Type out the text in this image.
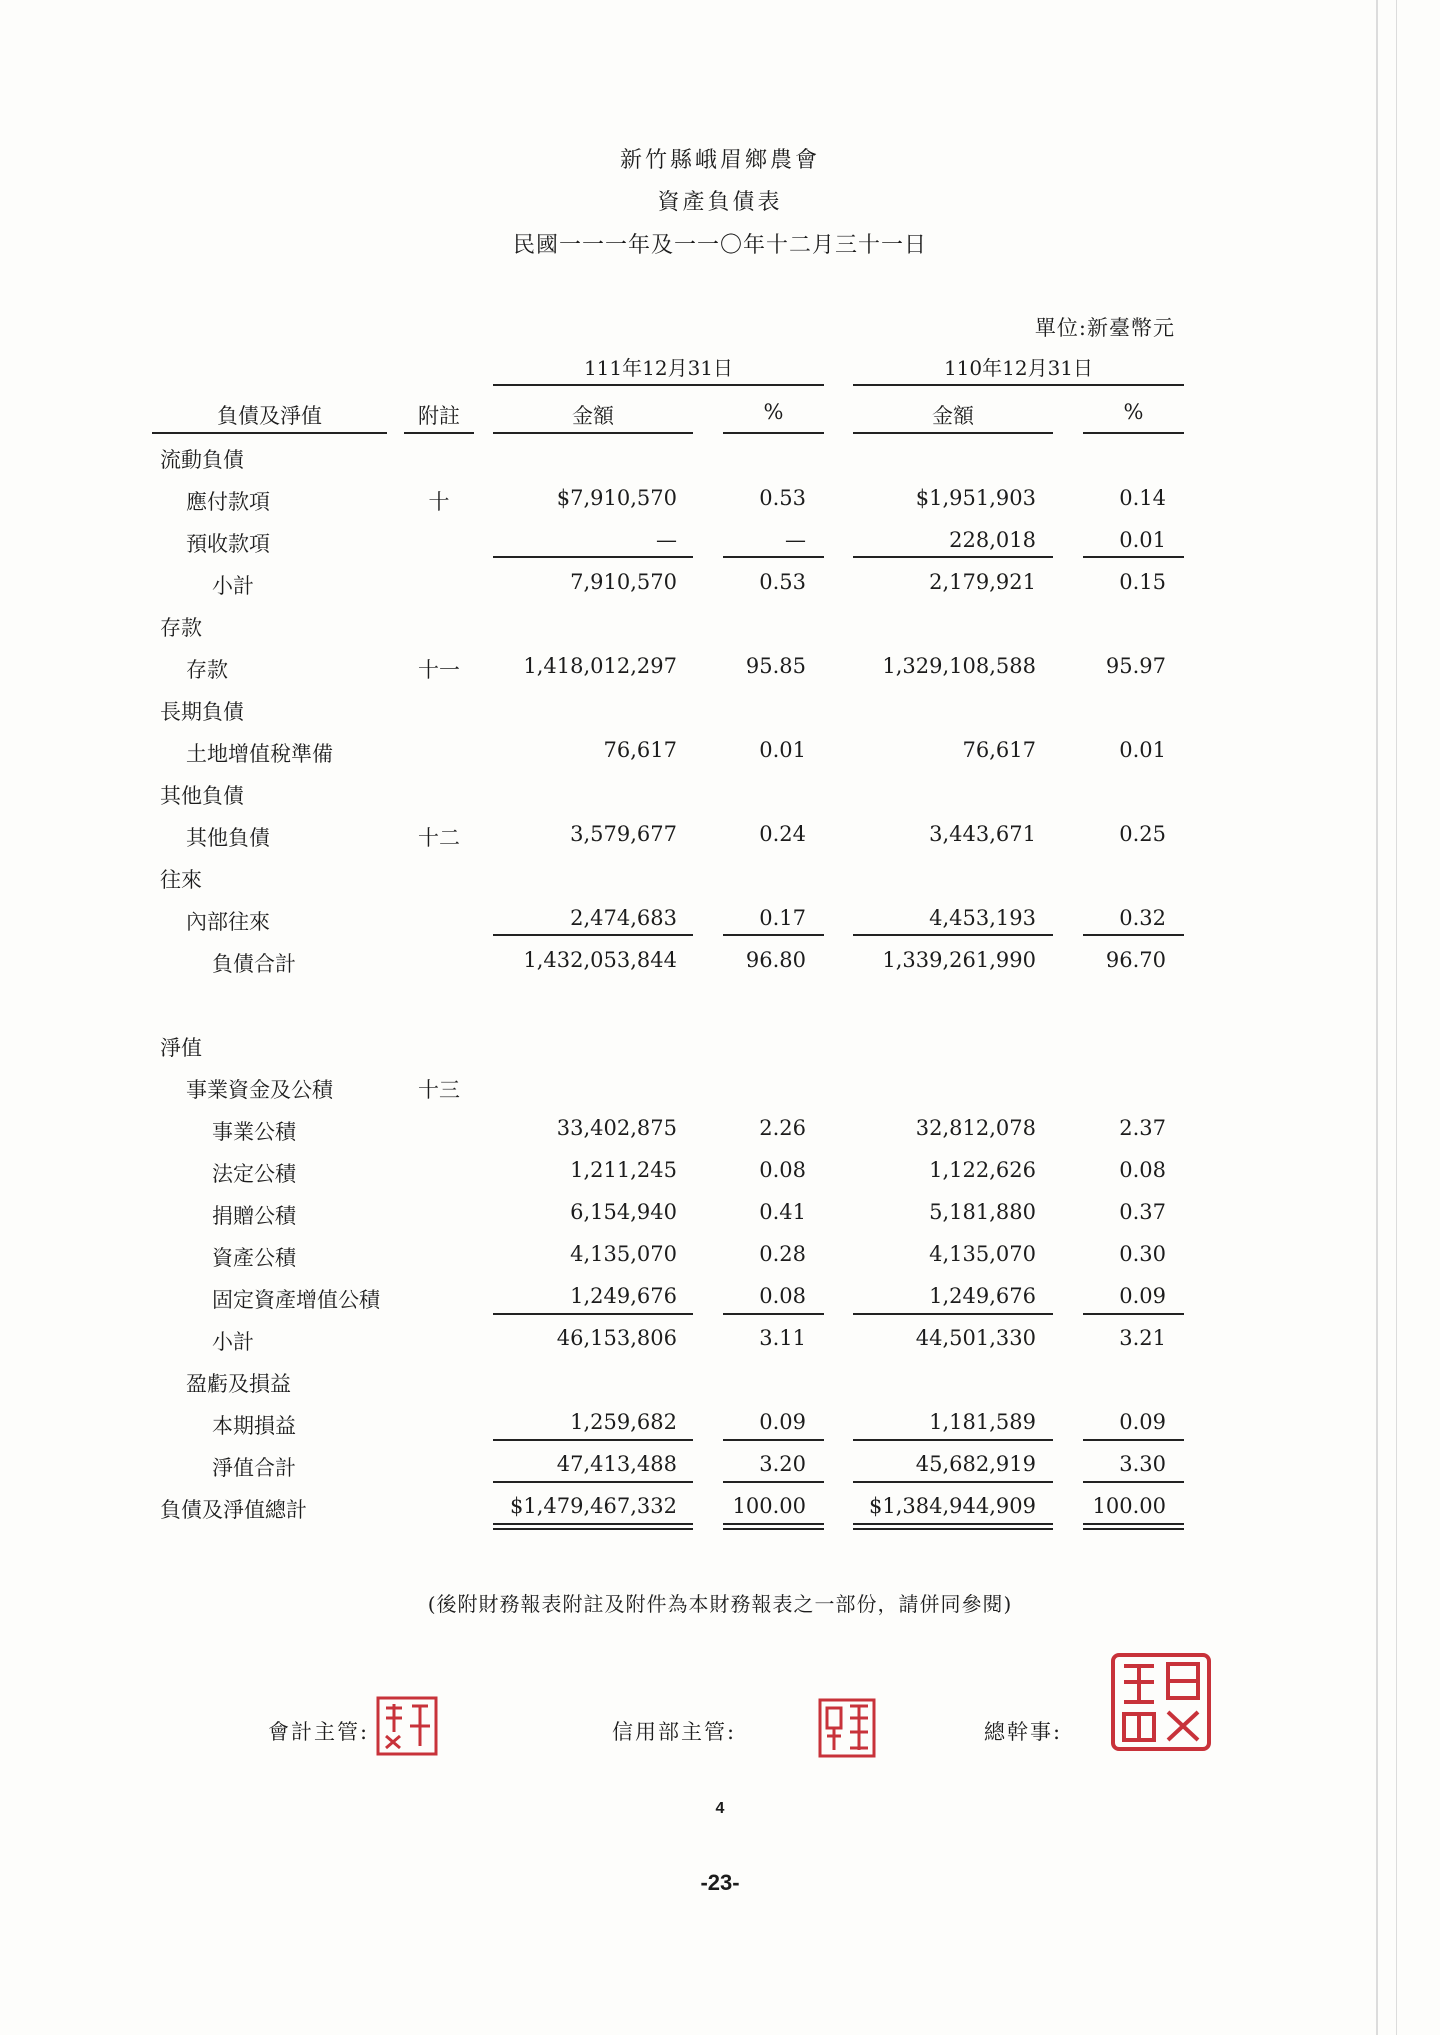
新竹縣峨眉鄉農會
資產負債表
民國一一一年及一一〇年十二月三十一日
單位:新臺幣元
111年12月31日	110年12月31日
負債及淨值	附註	金額	%	金額	%
流動負債
應付款項	十	$7,910,570	0.53	$1,951,903	0.14
預收款項	—	—	228,018	0.01
小計	7,910,570	0.53	2,179,921	0.15
存款
存款	十一	1,418,012,297	95.85	1,329,108,588	95.97
長期負債
土地增值稅準備	76,617	0.01	76,617	0.01
其他負債
其他負債	十二	3,579,677	0.24	3,443,671	0.25
往來
內部往來	2,474,683	0.17	4,453,193	0.32
負債合計	1,432,053,844	96.80	1,339,261,990	96.70
淨值
事業資金及公積	十三
事業公積	33,402,875	2.26	32,812,078	2.37
法定公積	1,211,245	0.08	1,122,626	0.08
捐贈公積	6,154,940	0.41	5,181,880	0.37
資產公積	4,135,070	0.28	4,135,070	0.30
固定資產增值公積	1,249,676	0.08	1,249,676	0.09
小計	46,153,806	3.11	44,501,330	3.21
盈虧及損益
本期損益	1,259,682	0.09	1,181,589	0.09
淨值合計	47,413,488	3.20	45,682,919	3.30
負債及淨值總計	$1,479,467,332	100.00	$1,384,944,909	100.00
(後附財務報表附註及附件為本財務報表之一部份，請併同參閱)
會計主管:	信用部主管:	總幹事:
4
-23-
